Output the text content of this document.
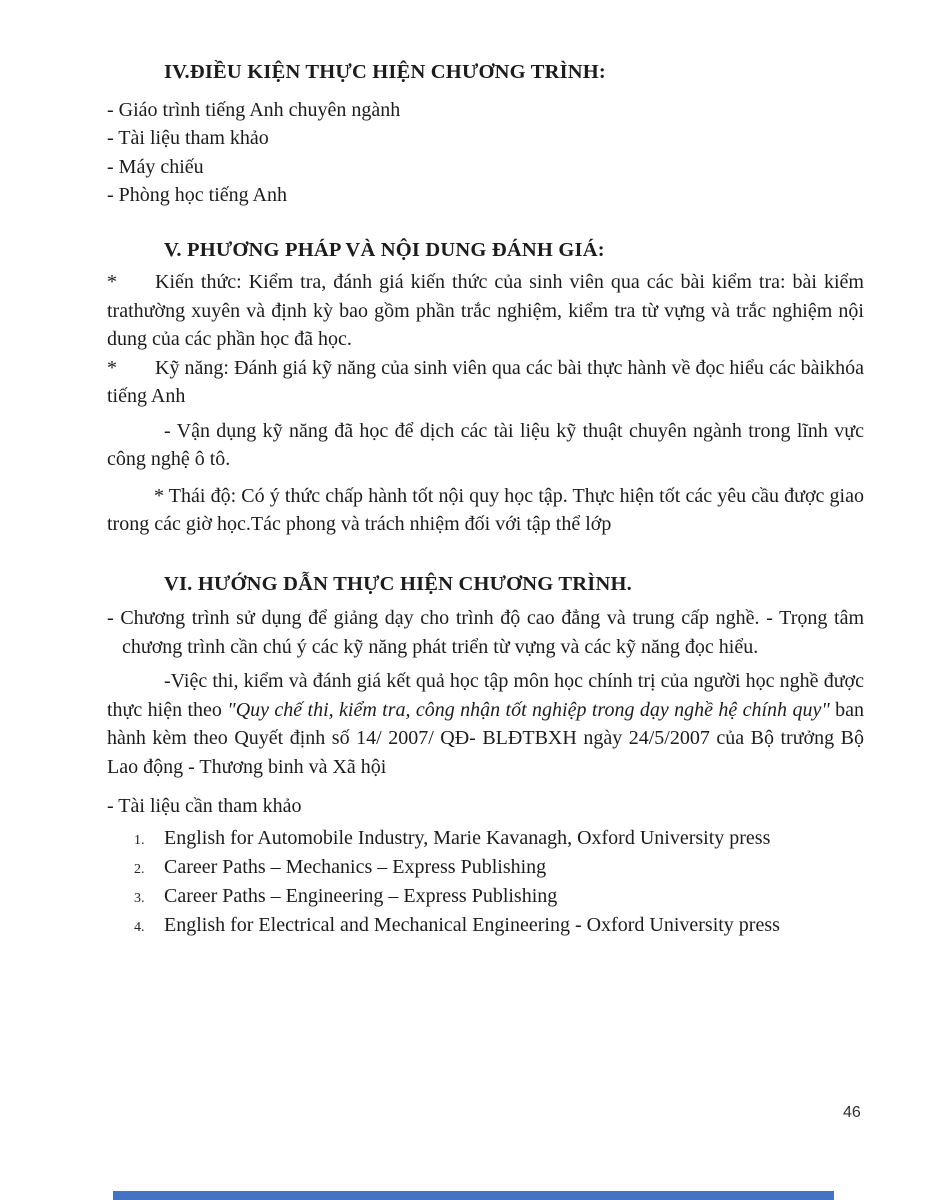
IV.ĐIỀU KIỆN THỰC HIỆN CHƯƠNG TRÌNH:
- Giáo trình tiếng Anh chuyên ngành
- Tài liệu tham khảo
- Máy chiếu
- Phòng học tiếng Anh
V. PHƯƠNG PHÁP VÀ NỘI DUNG ĐÁNH GIÁ:

* Kiến thức: Kiểm tra, đánh giá kiến thức của sinh viên qua các bài kiểm tra: bài kiểm trathường xuyên và định kỳ bao gồm phần trắc nghiệm, kiểm tra từ vựng và trắc nghiệm nội dung của các phần học đã học.

* Kỹ năng: Đánh giá kỹ năng của sinh viên qua các bài thực hành về đọc hiểu các bàikhóa tiếng Anh

- Vận dụng kỹ năng đã học để dịch các tài liệu kỹ thuật chuyên ngành trong lĩnh vực công nghệ ô tô.

* Thái độ: Có ý thức chấp hành tốt nội quy học tập. Thực hiện tốt các yêu cầu được giao trong các giờ học.Tác phong và trách nhiệm đối với tập thể lớp

VI. HƯỚNG DẪN THỰC HIỆN CHƯƠNG TRÌNH.

- Chương trình sử dụng để giảng dạy cho trình độ cao đẳng và trung cấp nghề. - Trọng tâm chương trình cần chú ý các kỹ năng phát triển từ vựng và các kỹ năng đọc hiểu.

-Việc thi, kiểm và đánh giá kết quả học tập môn học chính trị của người học nghề được thực hiện theo "Quy chế thi, kiểm tra, công nhận tốt nghiệp trong dạy nghề hệ chính quy" ban hành kèm theo Quyết định số 14/ 2007/ QĐ- BLĐTBXH ngày 24/5/2007 của Bộ trưởng Bộ Lao động - Thương binh và Xã hội

- Tài liệu cần tham khảo
1. English for Automobile Industry, Marie Kavanagh, Oxford University press
2. Career Paths – Mechanics – Express Publishing
3. Career Paths – Engineering – Express Publishing
4. English for Electrical and Mechanical Engineering - Oxford University press
46
